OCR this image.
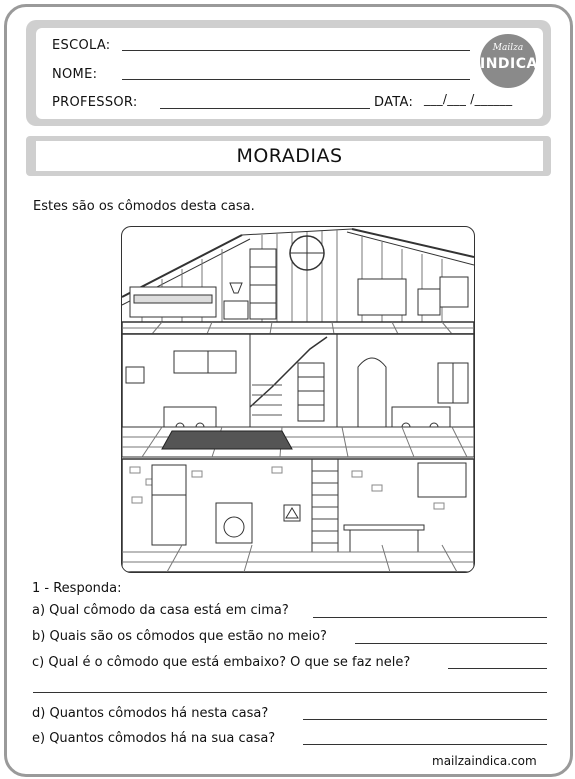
ESCOLA:
NOME:
PROFESSOR:	DATA: ___/___ /______
Mailza
INDICA
MORADIAS
Estes são os cômodos desta casa.
1 - Responda:
a) Qual cômodo da casa está em cima?
b) Quais são os cômodos que estão no meio?
c) Qual é o cômodo que está embaixo? O que se faz nele?
d) Quantos cômodos há nesta casa?
e) Quantos cômodos há na sua casa?
mailzaindica.com
